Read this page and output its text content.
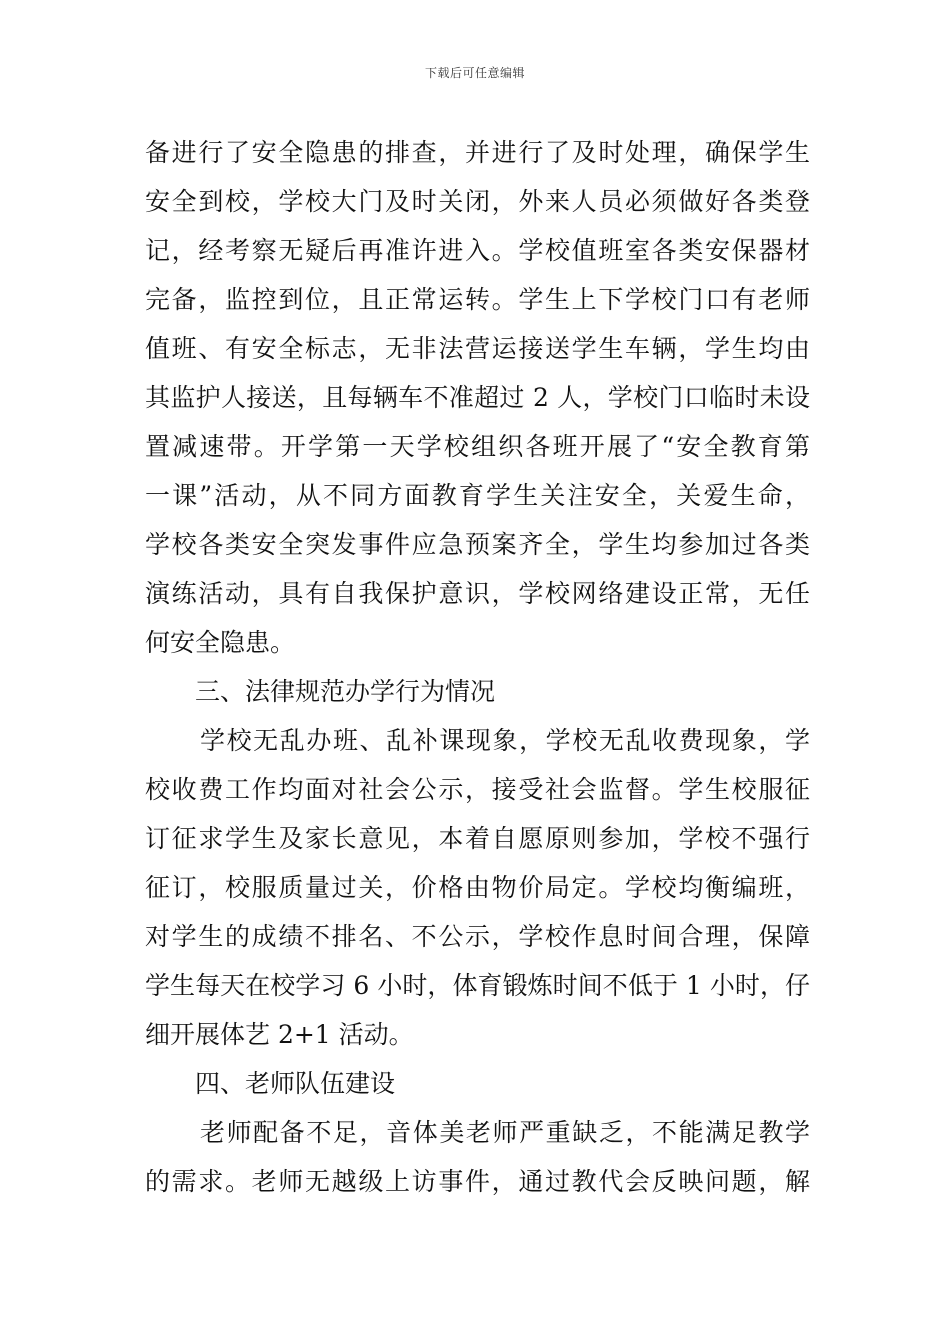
下载后可任意编辑
备进行了安全隐患的排查，并进行了及时处理，确保学生
安全到校，学校大门及时关闭，外来人员必须做好各类登
记，经考察无疑后再准许进入。学校值班室各类安保器材
完备，监控到位，且正常运转。学生上下学校门口有老师
值班、有安全标志，无非法营运接送学生车辆，学生均由
其监护人接送，且每辆车不准超过 2 人，学校门口临时未设
置减速带。开学第一天学校组织各班开展了“安全教育第
一课”活动，从不同方面教育学生关注安全，关爱生命，
学校各类安全突发事件应急预案齐全，学生均参加过各类
演练活动，具有自我保护意识，学校网络建设正常，无任
何安全隐患。
三、法律规范办学行为情况
学校无乱办班、乱补课现象，学校无乱收费现象，学
校收费工作均面对社会公示，接受社会监督。学生校服征
订征求学生及家长意见，本着自愿原则参加，学校不强行
征订，校服质量过关，价格由物价局定。学校均衡编班，
对学生的成绩不排名、不公示，学校作息时间合理，保障
学生每天在校学习 6 小时，体育锻炼时间不低于 1 小时，仔
细开展体艺 2+1 活动。
四、老师队伍建设
老师配备不足，音体美老师严重缺乏，不能满足教学
的需求。老师无越级上访事件，通过教代会反映问题，解
